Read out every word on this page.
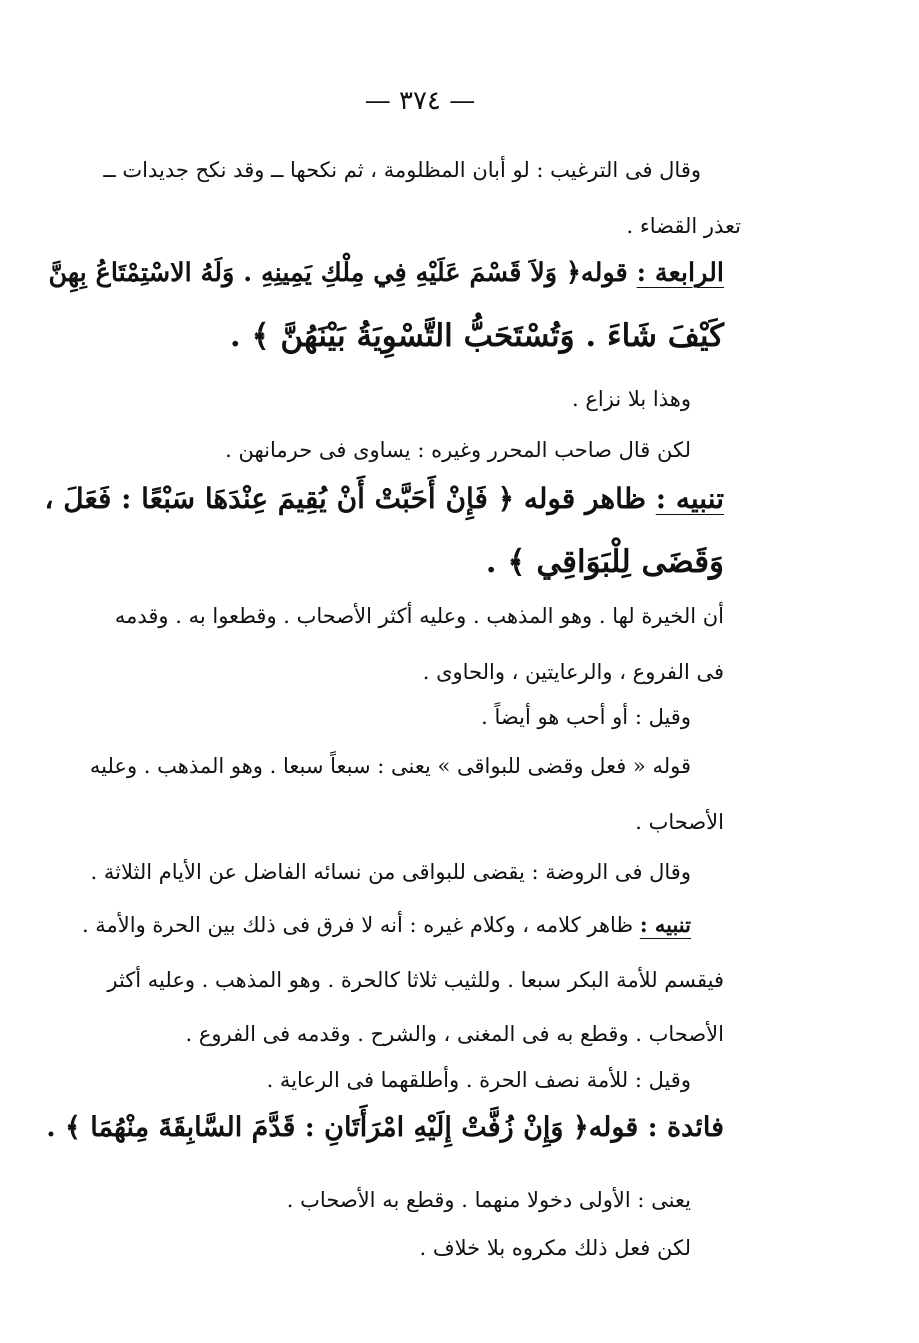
— ٣٧٤ —
وقال فى الترغيب : لو أبان المظلومة ، ثم نكحها ــ وقد نكح جديدات ــ
تعذر القضاء .
الرابعة : قوله﴿ وَلاَ قَسْمَ عَلَيْهِ فِي مِلْكِ يَمِينِهِ . وَلَهُ الاسْتِمْتَاعُ بِهِنَّ
كَيْفَ شَاءَ . وَتُسْتَحَبُّ التَّسْوِيَةُ بَيْنَهُنَّ ﴾ .
وهذا بلا نزاع .
لكن قال صاحب المحرر وغيره : يساوى فى حرمانهن .
تنبيه : ظاهر قوله ﴿ فَإِنْ أَحَبَّتْ أَنْ يُقِيمَ عِنْدَهَا سَبْعًا : فَعَلَ ،
وَقَضَى لِلْبَوَاقِي ﴾ .
أن الخيرة لها . وهو المذهب . وعليه أكثر الأصحاب . وقطعوا به . وقدمه
فى الفروع ، والرعايتين ، والحاوى .
وقيل : أو أحب هو أيضاً .
قوله « فعل وقضى للبواقى » يعنى : سبعاً سبعا . وهو المذهب . وعليه
الأصحاب .
وقال فى الروضة : يقضى للبواقى من نسائه الفاضل عن الأيام الثلاثة .
تنبيه : ظاهر كلامه ، وكلام غيره : أنه لا فرق فى ذلك بين الحرة والأمة .
فيقسم للأمة البكر سبعا . وللثيب ثلاثا كالحرة . وهو المذهب . وعليه أكثر
الأصحاب . وقطع به فى المغنى ، والشرح . وقدمه فى الفروع .
وقيل : للأمة نصف الحرة . وأطلقهما فى الرعاية .
فائدة : قوله﴿ وَإِنْ زُفَّتْ إِلَيْهِ امْرَأَتَانِ : قَدَّمَ السَّابِقَةَ مِنْهُمَا ﴾ .
يعنى : الأولى دخولا منهما . وقطع به الأصحاب .
لكن فعل ذلك مكروه بلا خلاف .
